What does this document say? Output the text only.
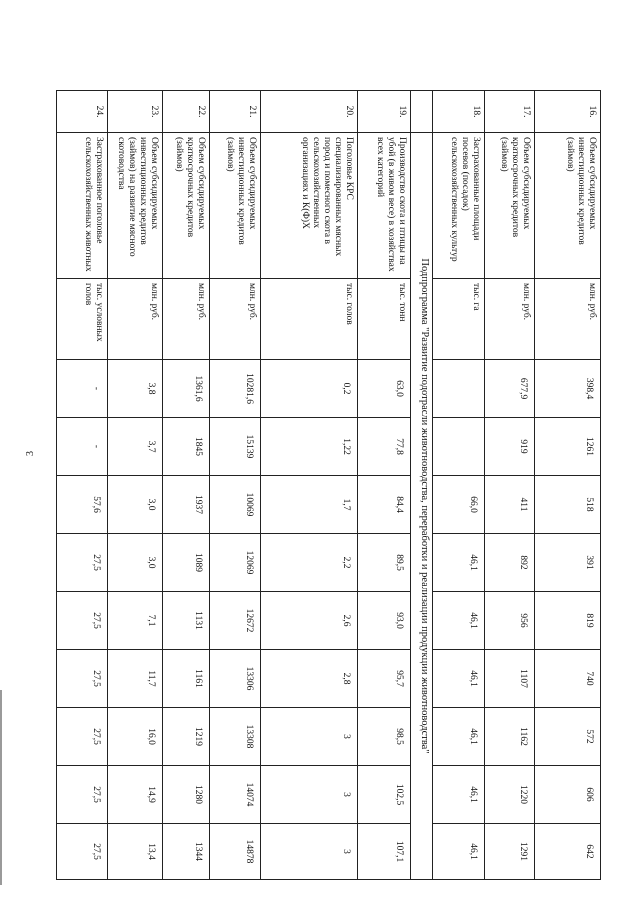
3
16.	Объем субсидируемых инвестиционных кредитов (займов)	млн. руб.	398,4	1261	518	391	819	740	572	606	642
17.	Объем субсидируемых краткосрочных кредитов (займов)	млн. руб.	677,9	919	411	892	956	1107	1162	1220	1291
18.	Застрахованные площади посевов (посадок) сельскохозяйственных культур	тыс. га			66,0	46,1	46,1	46,1	46,1	46,1	46,1
	Подпрограмма "Развитие подотрасли животноводства, переработки и реализации продукции животноводства"										
19.	Производство скота и птицы на убой (в живом весе) в хозяйствах всех категорий	тыс. тонн	63,0	77,8	84,4	89,5	93,0	95,7	98,5	102,5	107,1
20.	Поголовье КРС специализированных мясных пород и помесного скота в сельскохозяйственных организациях и К(Ф)Х	тыс. голов	0,2	1,22	1,7	2,2	2,6	2,8	3	3	3
21.	Объем субсидируемых инвестиционных кредитов (займов)	млн. руб.	10281,6	15139	10069	12069	12672	13306	13308	14074	14878
22.	Объем субсидируемых краткосрочных кредитов (займов)	млн. руб.	1361,6	1845	1937	1089	1131	1161	1219	1280	1344
23.	Объем субсидируемых инвестиционных кредитов (займов) на развитие мясного скотоводства	млн. руб.	3,8	3,7	3,0	3,0	7,1	11,7	16,0	14,9	13,4
24.	Застрахованное поголовье сельскохозяйственных животных	тыс. условных голов	-	-	57,6	27,5	27,5	27,5	27,5	27,5	27,5
